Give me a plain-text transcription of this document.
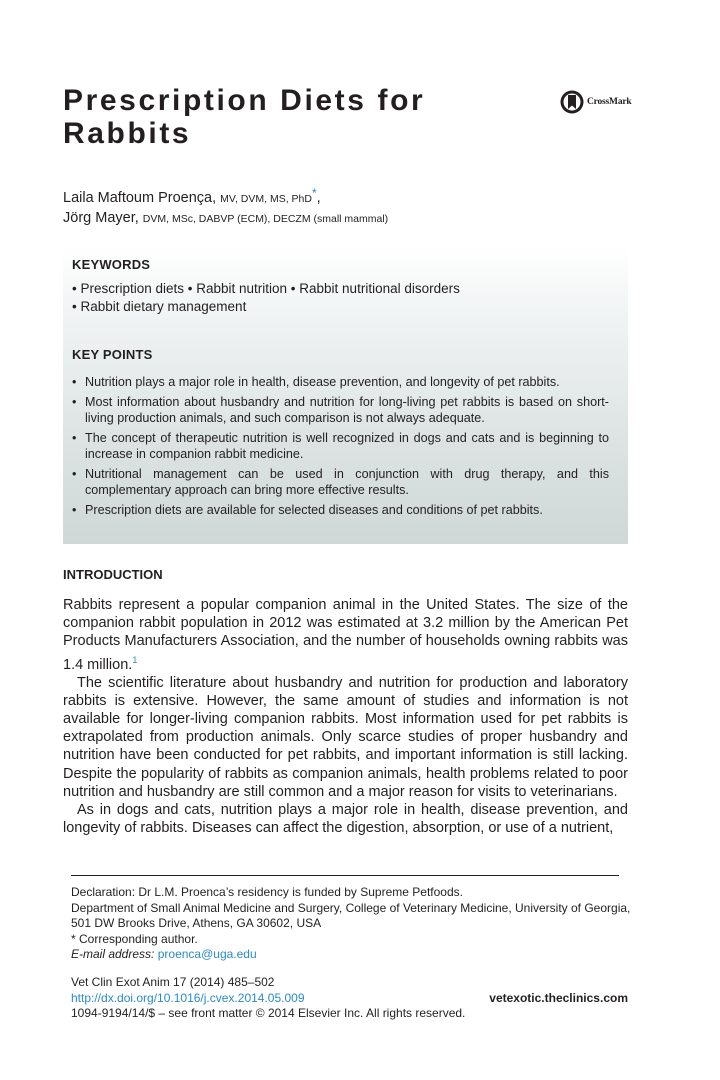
Prescription Diets for Rabbits
CrossMark
Laila Maftoum Proença, MV, DVM, MS, PhD*,
Jörg Mayer, DVM, MSc, DABVP (ECM), DECZM (small mammal)
KEYWORDS
• Prescription diets • Rabbit nutrition • Rabbit nutritional disorders
• Rabbit dietary management
KEY POINTS
• Nutrition plays a major role in health, disease prevention, and longevity of pet rabbits.
• Most information about husbandry and nutrition for long-living pet rabbits is based on short-living production animals, and such comparison is not always adequate.
• The concept of therapeutic nutrition is well recognized in dogs and cats and is beginning to increase in companion rabbit medicine.
• Nutritional management can be used in conjunction with drug therapy, and this complementary approach can bring more effective results.
• Prescription diets are available for selected diseases and conditions of pet rabbits.
INTRODUCTION

Rabbits represent a popular companion animal in the United States. The size of the companion rabbit population in 2012 was estimated at 3.2 million by the American Pet Products Manufacturers Association, and the number of households owning rabbits was 1.4 million.$^1$

The scientific literature about husbandry and nutrition for production and laboratory rabbits is extensive. However, the same amount of studies and information is not available for longer-living companion rabbits. Most information used for pet rabbits is extrapolated from production animals. Only scarce studies of proper husbandry and nutrition have been conducted for pet rabbits, and important information is still lacking. Despite the popularity of rabbits as companion animals, health problems related to poor nutrition and husbandry are still common and a major reason for visits to veterinarians.

As in dogs and cats, nutrition plays a major role in health, disease prevention, and longevity of rabbits. Diseases can affect the digestion, absorption, or use of a nutrient,

Declaration: Dr L.M. Proenca’s residency is funded by Supreme Petfoods.
Department of Small Animal Medicine and Surgery, College of Veterinary Medicine, University of Georgia, 501 DW Brooks Drive, Athens, GA 30602, USA
* Corresponding author.
E-mail address: proenca@uga.edu
Vet Clin Exot Anim 17 (2014) 485–502
http://dx.doi.org/10.1016/j.cvex.2014.05.009
1094-9194/14/$ – see front matter © 2014 Elsevier Inc. All rights reserved.
vetexotic.theclinics.com
